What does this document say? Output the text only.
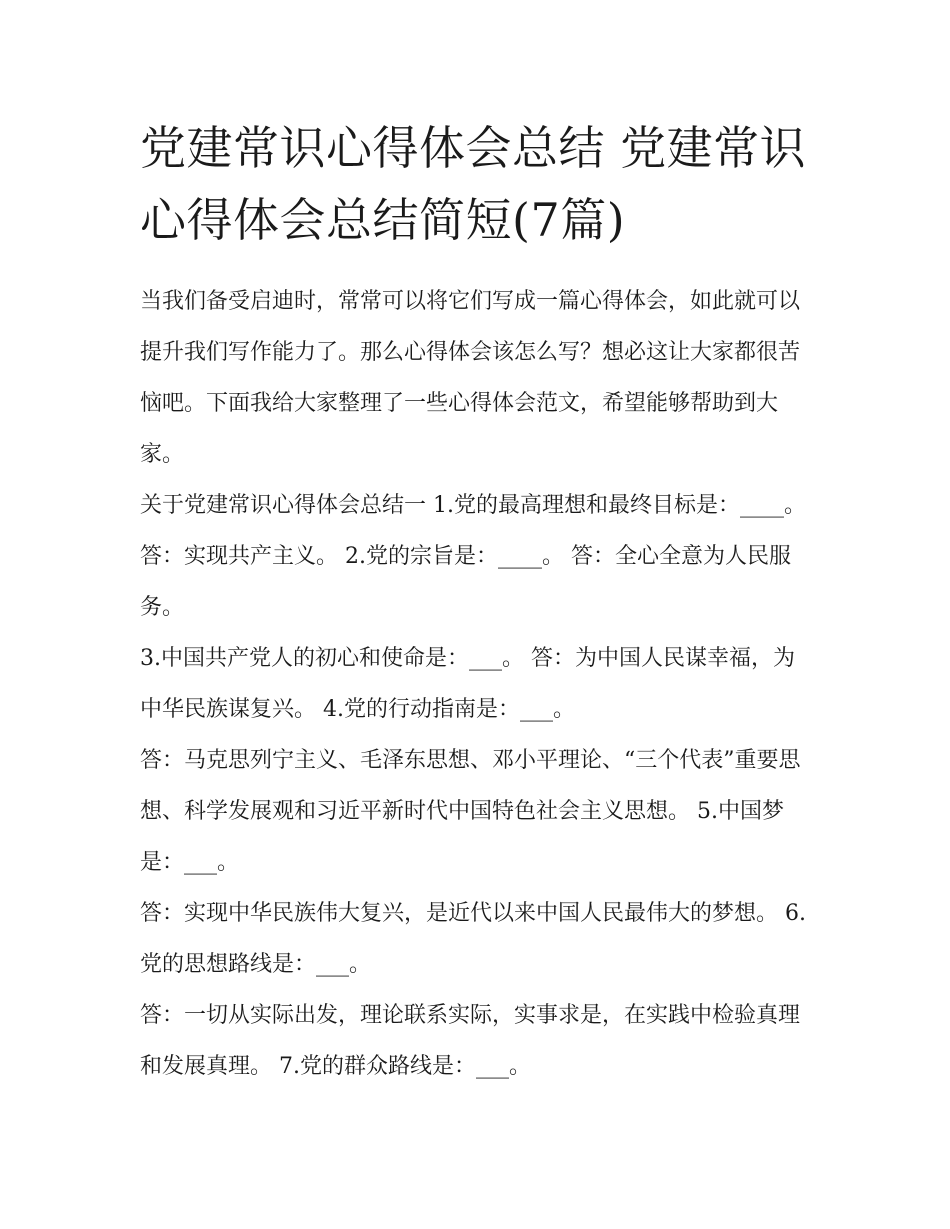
党建常识心得体会总结 党建常识心得体会总结简短(7篇)

当我们备受启迪时，常常可以将它们写成一篇心得体会，如此就可以提升我们写作能力了。那么心得体会该怎么写？想必这让大家都很苦恼吧。下面我给大家整理了一些心得体会范文，希望能够帮助到大家。

关于党建常识心得体会总结一 1.党的最高理想和最终目标是：____。 答：实现共产主义。 2.党的宗旨是：____。 答：全心全意为人民服务。

3.中国共产党人的初心和使命是：___。 答：为中国人民谋幸福，为中华民族谋复兴。 4.党的行动指南是：___。

答：马克思列宁主义、毛泽东思想、邓小平理论、“三个代表”重要思想、科学发展观和习近平新时代中国特色社会主义思想。 5.中国梦是：___。

答：实现中华民族伟大复兴，是近代以来中国人民最伟大的梦想。 6.党的思想路线是：___。

答：一切从实际出发，理论联系实际，实事求是，在实践中检验真理和发展真理。 7.党的群众路线是：___。
